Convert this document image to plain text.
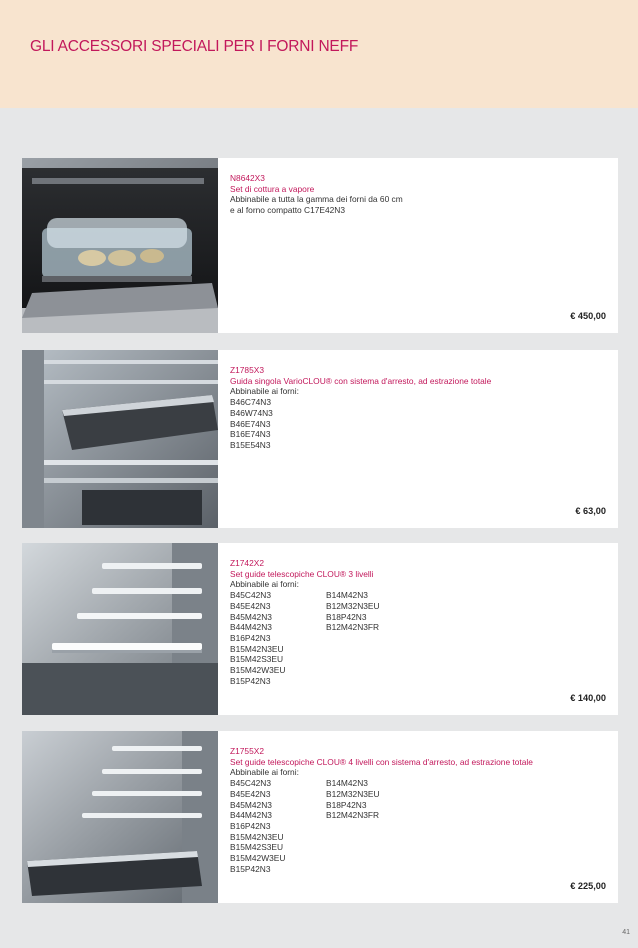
GLI ACCESSORI SPECIALI PER I FORNI NEFF
N8642X3
Set di cottura a vapore
Abbinabile a tutta la gamma dei forni da 60 cm
e al forno compatto C17E42N3
€ 450,00
Z1785X3
Guida singola VarioCLOU® con sistema d'arresto, ad estrazione totale
Abbinabile ai forni:
B46C74N3
B46W74N3
B46E74N3
B16E74N3
B15E54N3
€ 63,00
Z1742X2
Set guide telescopiche CLOU® 3 livelli
Abbinabile ai forni:
B45C42N3
B45E42N3
B45M42N3
B44M42N3
B16P42N3
B15M42N3EU
B15M42S3EU
B15M42W3EU
B15P42N3
B14M42N3
B12M32N3EU
B18P42N3
B12M42N3FR
€ 140,00
Z1755X2
Set guide telescopiche CLOU® 4 livelli con sistema d'arresto, ad estrazione totale
Abbinabile ai forni:
B45C42N3
B45E42N3
B45M42N3
B44M42N3
B16P42N3
B15M42N3EU
B15M42S3EU
B15M42W3EU
B15P42N3
B14M42N3
B12M32N3EU
B18P42N3
B12M42N3FR
€ 225,00
41
